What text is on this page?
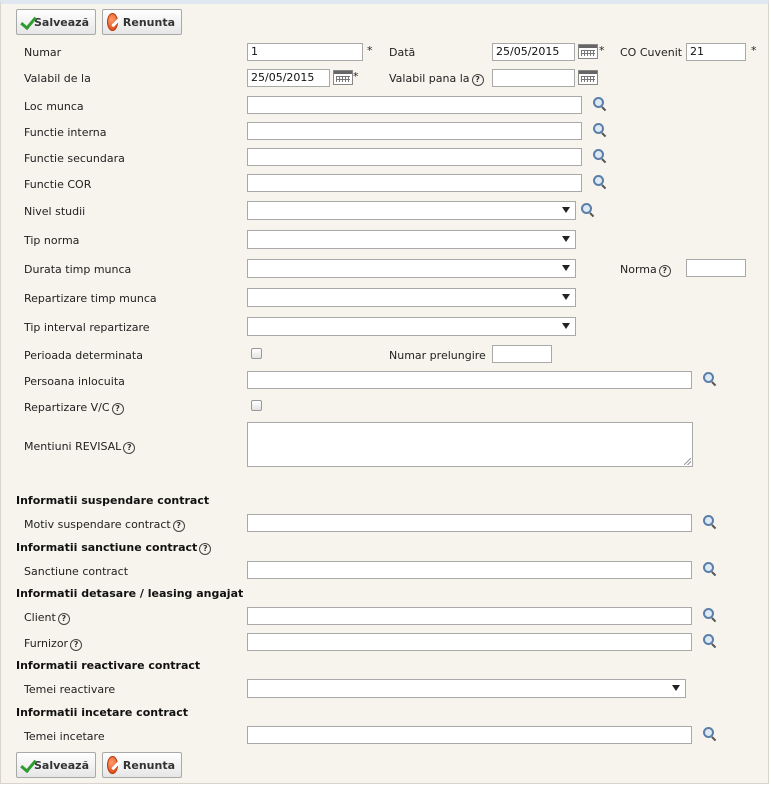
Salvează	Renunta
Numar	1	* Dată	25/05/2015	* CO Cuvenit 21	*
Valabil de la	25/05/2015	*	Valabil pana la ?
Loc munca
Functie interna
Functie secundara
Functie COR
Nivel studii
Tip norma
Durata timp munca	Norma ?
Repartizare timp munca
Tip interval repartizare
Perioada determinata	Numar prelungire
Persoana inlocuita
Repartizare V/C ?
Mentiuni REVISAL ?
Informatii suspendare contract
Motiv suspendare contract ?
Informatii sanctiune contract ?
Sanctiune contract
Informatii detasare / leasing angajat
Client ?
Furnizor ?
Informatii reactivare contract
Temei reactivare
Informatii incetare contract
Temei incetare
Salvează	Renunta
